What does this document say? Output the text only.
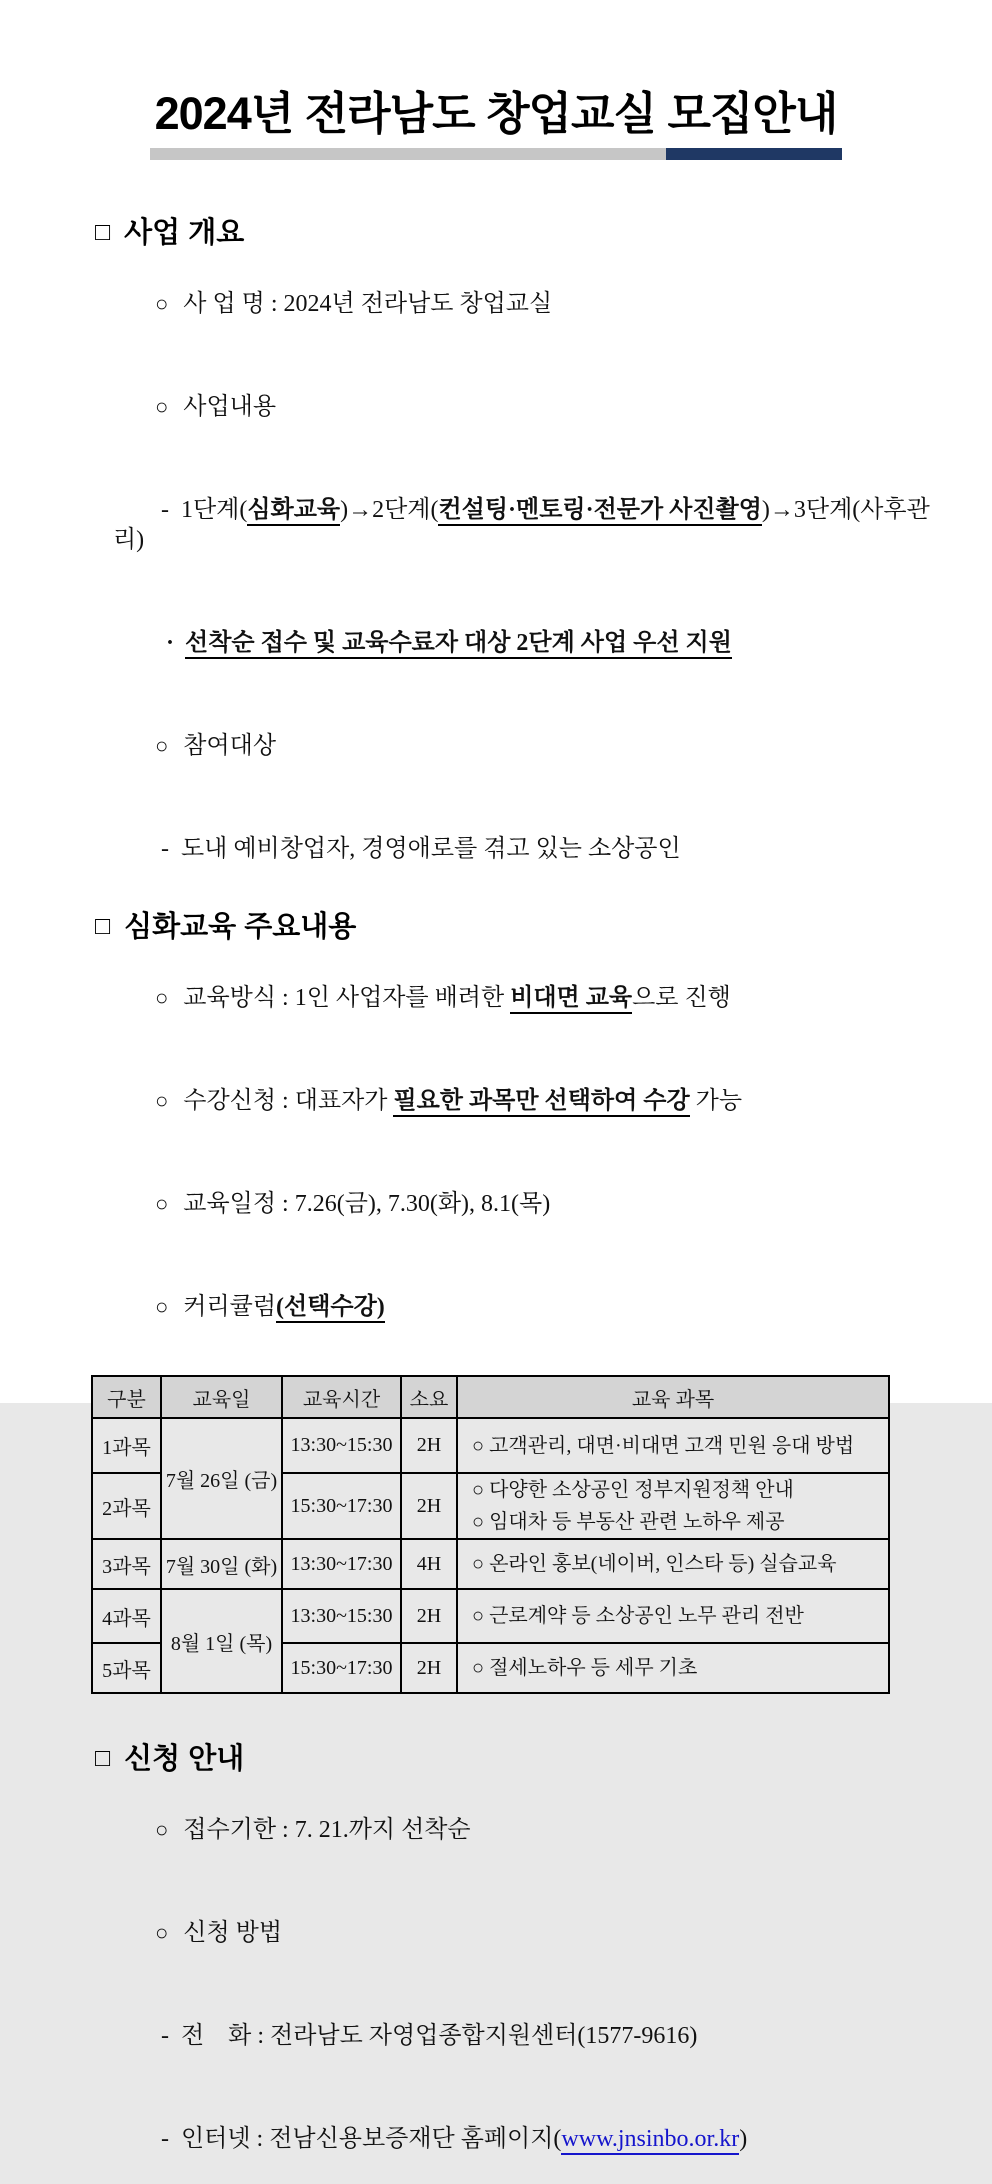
2024년 전라남도 창업교실 모집안내
□ 사업 개요

○ 사 업 명 : 2024년 전라남도 창업교실

○ 사업내용

- 1단계(심화교육)→2단계(컨설팅·멘토링·전문가 사진촬영)→3단계(사후관리)

· 선착순 접수 및 교육수료자 대상 2단계 사업 우선 지원

○ 참여대상

- 도내 예비창업자, 경영애로를 겪고 있는 소상공인

□ 심화교육 주요내용

○ 교육방식 : 1인 사업자를 배려한 비대면 교육으로 진행

○ 수강신청 : 대표자가 필요한 과목만 선택하여 수강 가능

○ 교육일정 : 7.26(금), 7.30(화), 8.1(목)

○ 커리큘럼(선택수강)

구분	교육일	교육시간	소요	교육 과목
1과목	7월 26일 (금)	13:30~15:30	2H	○ 고객관리, 대면·비대면 고객 민원 응대 방법
2과목		15:30~17:30	2H	○ 다양한 소상공인 정부지원정책 안내
○ 임대차 등 부동산 관련 노하우 제공

3과목	7월 30일 (화)	13:30~17:30	4H	○ 온라인 홍보(네이버, 인스타 등) 실습교육
4과목	8월 1일 (목)	13:30~15:30	2H	○ 근로계약 등 소상공인 노무 관리 전반
5과목		15:30~17:30	2H	○ 절세노하우 등 세무 기초
□ 신청 안내

○ 접수기한 : 7. 21.까지 선착순

○ 신청 방법

- 전    화 : 전라남도 자영업종합지원센터(1577-9616)

- 인터넷 : 전남신용보증재단 홈페이지(www.jnsinbo.or.kr)
